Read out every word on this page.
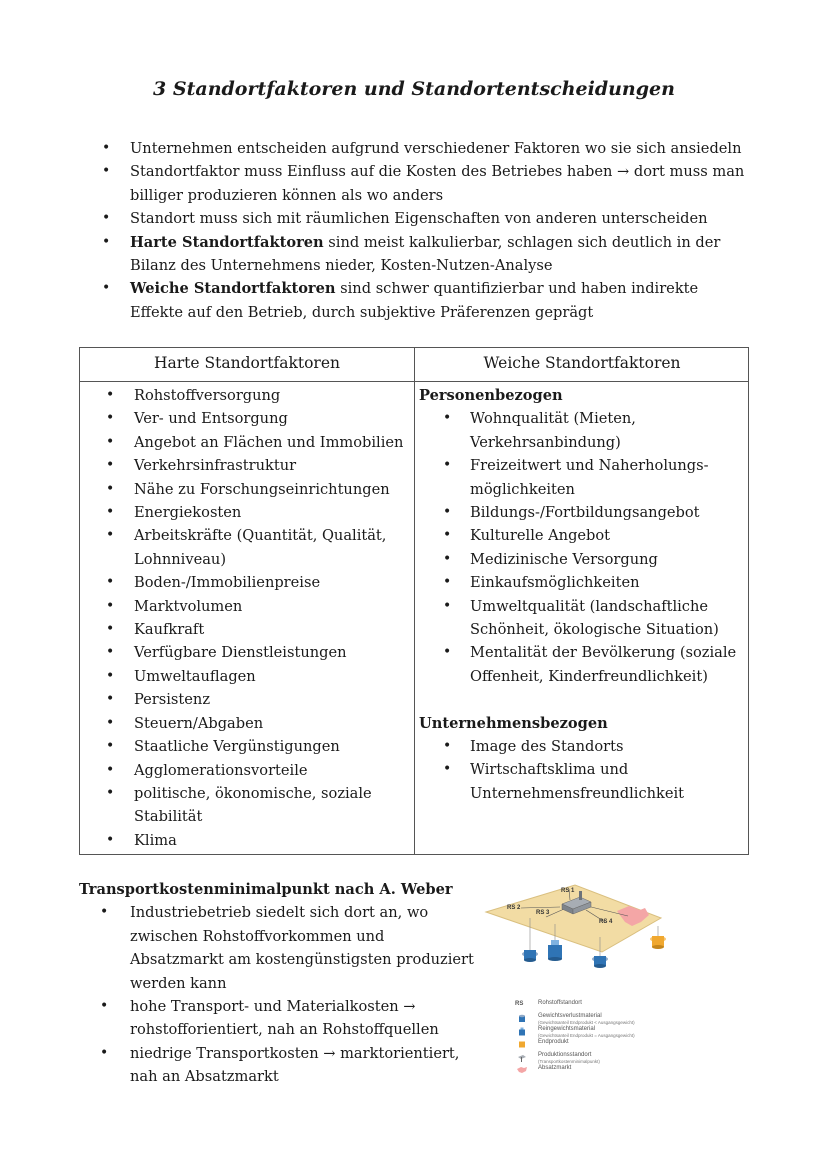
3 Standortfaktoren und Standortentscheidungen
• Unternehmen entscheiden aufgrund verschiedener Faktoren wo sie sich ansiedeln
• Standortfaktor muss Einfluss auf die Kosten des Betriebes haben → dort muss man billiger produzieren können als wo anders
• Standort muss sich mit räumlichen Eigenschaften von anderen unterscheiden
• Harte Standortfaktoren sind meist kalkulierbar, schlagen sich deutlich in der Bilanz des Unternehmens nieder, Kosten-Nutzen-Analyse
• Weiche Standortfaktoren sind schwer quantifizierbar und haben indirekte Effekte auf den Betrieb, durch subjektive Präferenzen geprägt
Harte Standortfaktoren	Weiche Standortfaktoren
• Rohstoffversorgung
• Ver- und Entsorgung
• Angebot an Flächen und Immobilien
• Verkehrsinfrastruktur
• Nähe zu Forschungseinrichtungen
• Energiekosten
• Arbeitskräfte (Quantität, Qualität, Lohnniveau)
• Boden-/Immobilienpreise
• Marktvolumen
• Kaufkraft
• Verfügbare Dienstleistungen
• Umweltauflagen
• Persistenz
• Steuern/Abgaben
• Staatliche Vergünstigungen
• Agglomerationsvorteile
• politische, ökonomische, soziale Stabilität
• Klima
Personenbezogen
• Wohnqualität (Mieten, Verkehrsanbindung)
• Freizeitwert und Naherholungs-möglichkeiten
• Bildungs-/Fortbildungsangebot
• Kulturelle Angebot
• Medizinische Versorgung
• Einkaufsmöglichkeiten
• Umweltqualität (landschaftliche Schönheit, ökologische Situation)
• Mentalität der Bevölkerung (soziale Offenheit, Kinderfreundlichkeit)
Unternehmensbezogen
• Image des Standorts
• Wirtschaftsklima und Unternehmensfreundlichkeit
Transportkostenminimalpunkt nach A. Weber
• Industriebetrieb siedelt sich dort an, wo zwischen Rohstoffvorkommen und Absatzmarkt am kostengünstigsten produziert werden kann
• hohe Transport- und Materialkosten → rohstofforientiert, nah an Rohstoffquellen
• niedrige Transportkosten → marktorientiert, nah an Absatzmarkt
RS 1
RS 2
RS 3
RS 4
RS	Rohstoffstandort
Gewichtsverlustmaterial
(Gewichtsanteil Endprodukt < Ausgangsgewicht)
Reingewichtsmaterial
(Gewichtsanteil Endprodukt = Ausgangsgewicht)
Endprodukt
Produktionsstandort
(Transportkostenminimalpunkt)
Absatzmarkt
